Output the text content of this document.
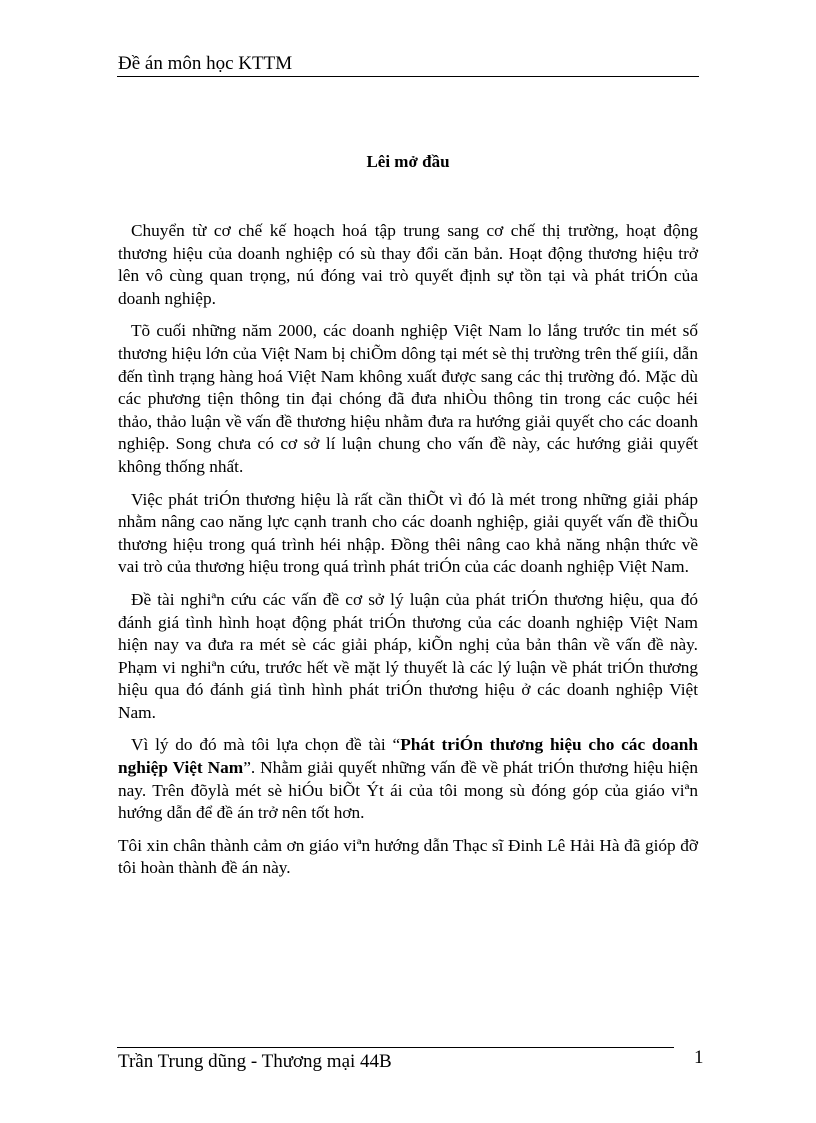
Đề án môn học KTTM
Lêi mở đầu

Chuyển từ cơ chế kế hoạch hoá tập trung sang cơ chế thị trường, hoạt động thương hiệu của doanh nghiệp có sù thay đổi căn bản. Hoạt động thương hiệu trở lên vô cùng quan trọng, nú đóng vai trò quyết định sự tồn tại và phát triÓn của doanh nghiệp.

Tõ cuối những năm 2000, các doanh nghiệp Việt Nam lo lắng trước tin mét số thương hiệu lớn của Việt Nam bị chiÕm dông tại mét sè thị trường trên thế giíi, dẫn đến tình trạng hàng hoá Việt Nam không xuất được sang các thị trường đó. Mặc dù các phương tiện thông tin đại chóng đã đưa nhiÒu thông tin trong các cuộc héi thảo, thảo luận về vấn đề thương hiệu nhằm đưa ra hướng giải quyết cho các doanh nghiệp. Song chưa có cơ sở lí luận chung cho vấn đề này, các hướng giải quyết không thống nhất.

Việc phát triÓn thương hiệu là rất cần thiÕt vì đó là mét trong những giải pháp nhằm nâng cao năng lực cạnh tranh cho các doanh nghiệp, giải quyết vấn đề thiÕu thương hiệu trong quá trình héi nhập. Đồng thêi nâng cao khả năng nhận thức về vai trò của thương hiệu trong quá trình phát triÓn của các doanh nghiệp Việt Nam.

Đề tài nghiªn cứu các vấn đề cơ sở lý luận của phát triÓn thương hiệu, qua đó đánh giá tình hình hoạt động phát triÓn thương của các doanh nghiệp Việt Nam hiện nay va đưa ra mét sè các giải pháp, kiÕn nghị của bản thân về vấn đề này. Phạm vi nghiªn cứu, trước hết về mặt lý thuyết là các lý luận về phát triÓn thương hiệu qua đó đánh giá tình hình phát triÓn thương hiệu ở các doanh nghiệp Việt Nam.

Vì lý do đó mà tôi lựa chọn đề tài “Phát triÓn thương hiệu cho các doanh nghiệp Việt Nam”. Nhằm giải quyết những vấn đề về phát triÓn thương hiệu hiện nay. Trên đõylà mét sè hiÓu biÕt Ýt ái của tôi mong sù đóng góp của giáo viªn hướng dẫn để đề án trở nên tốt hơn.

Tôi xin chân thành cảm ơn giáo viªn hướng dẫn Thạc sĩ Đinh Lê Hải Hà đã gióp đỡ tôi hoàn thành đề án này.

Trần Trung dũng - Thương mại 44B	1
